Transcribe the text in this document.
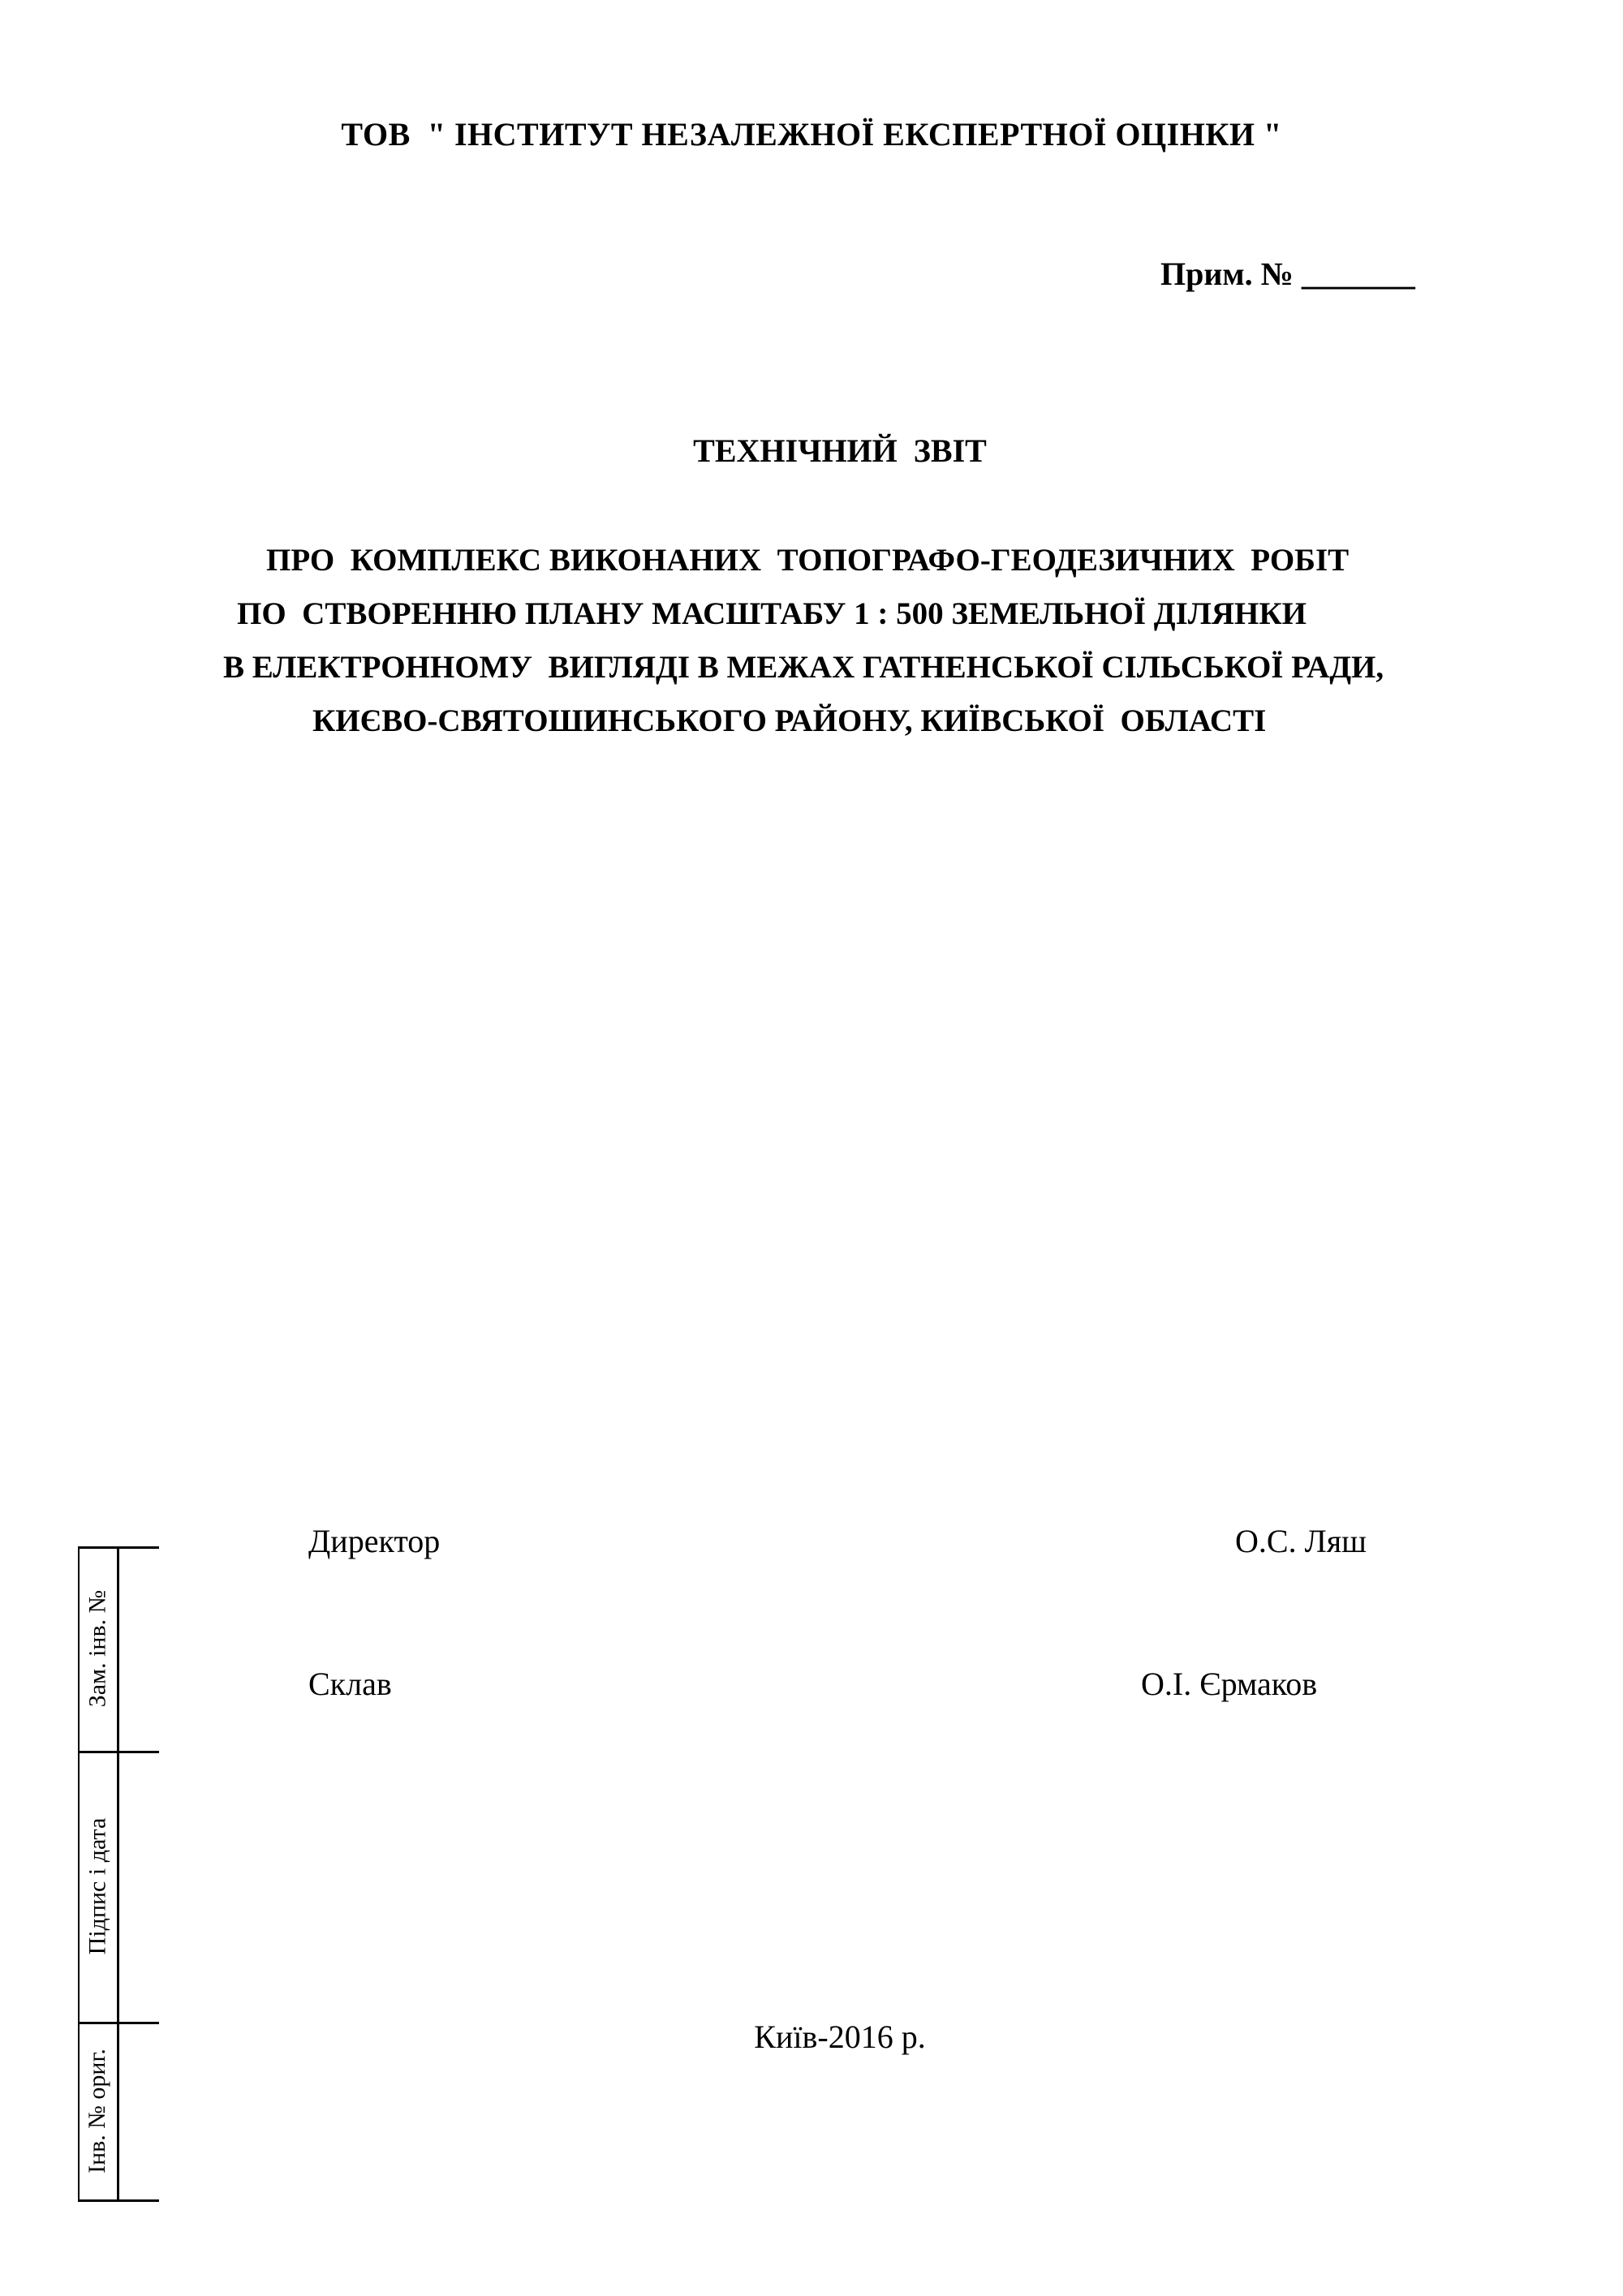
ТОВ  " ІНСТИТУТ НЕЗАЛЕЖНОЇ ЕКСПЕРТНОЇ ОЦІНКИ "
Прим. № _______
ТЕХНІЧНИЙ  ЗВІТ
ПРО  КОМПЛЕКС ВИКОНАНИХ  ТОПОГРАФО-ГЕОДЕЗИЧНИХ  РОБІТ
ПО  СТВОРЕННЮ ПЛАНУ МАСШТАБУ 1 : 500 ЗЕМЕЛЬНОЇ ДІЛЯНКИ
В ЕЛЕКТРОННОМУ  ВИГЛЯДІ В МЕЖАХ ГАТНЕНСЬКОЇ СІЛЬСЬКОЇ РАДИ,
КИЄВО-СВЯТОШИНСЬКОГО РАЙОНУ, КИЇВСЬКОЇ  ОБЛАСТІ
Директор	О.С. Ляш
Склав	О.І. Єрмаков
Київ-2016 р.
Зам. інв. №
Підпис і дата
Інв. № ориг.
